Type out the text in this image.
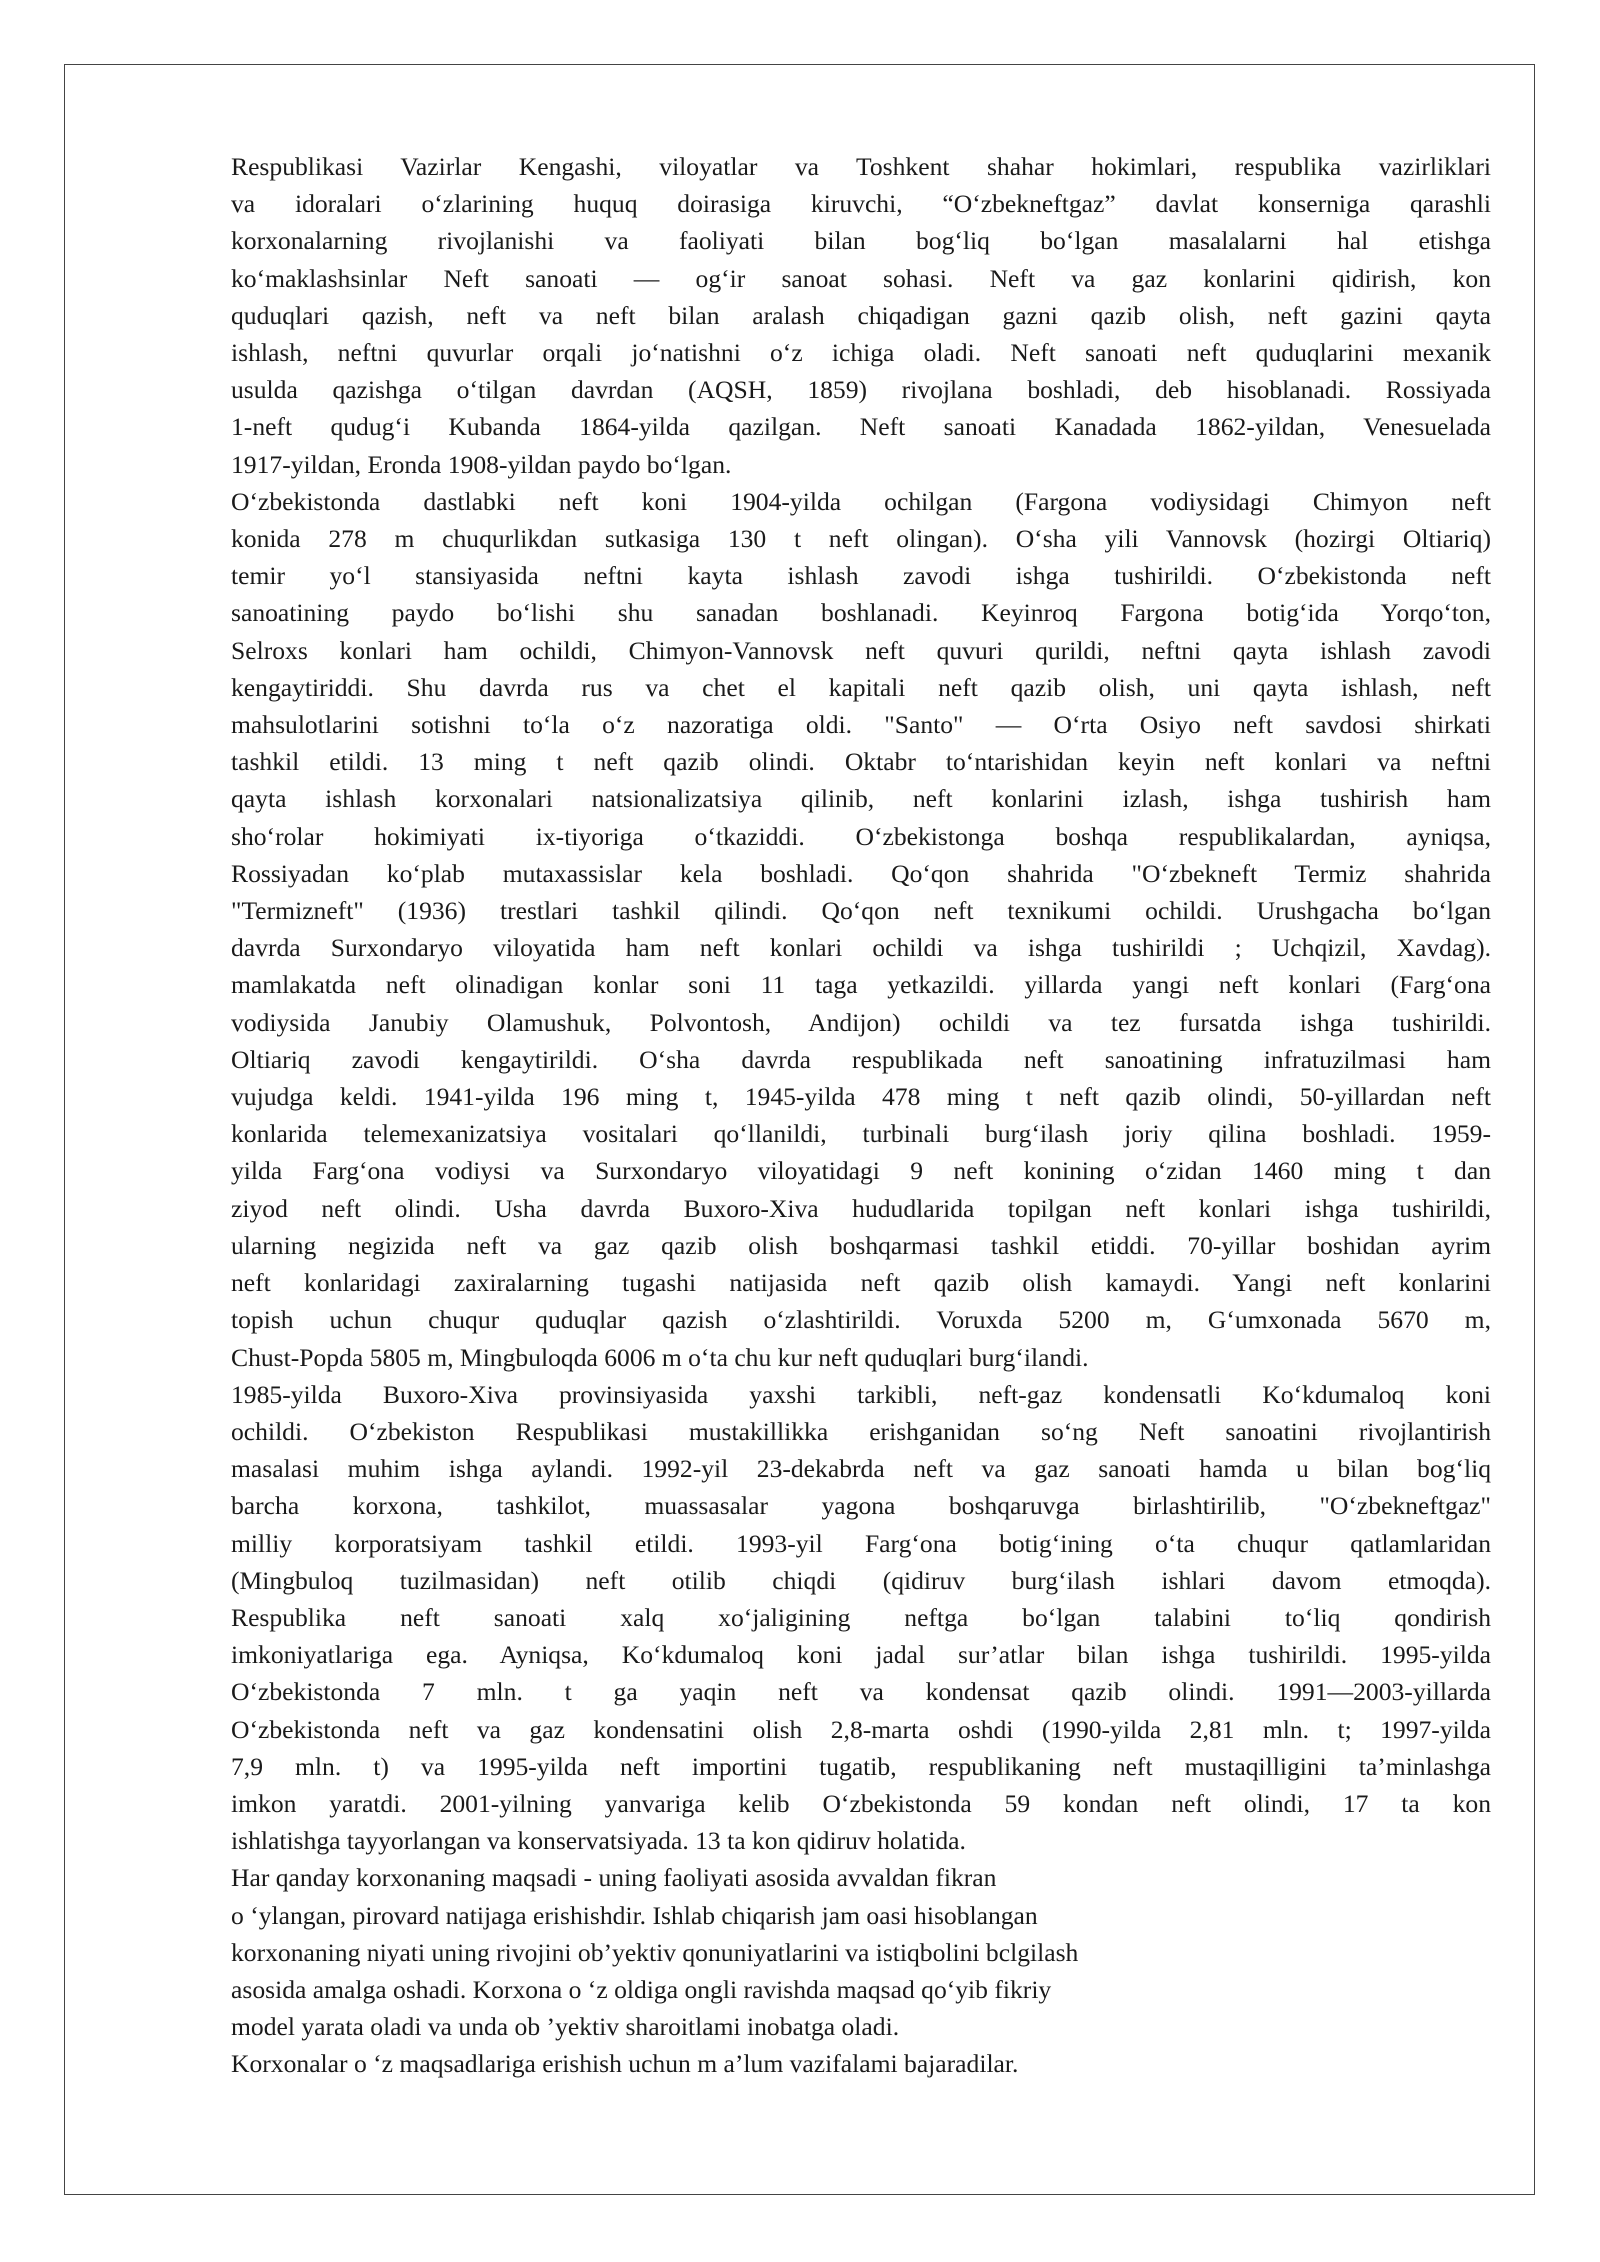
Respublikasi Vazirlar Kengashi, viloyatlar va Toshkent shahar hokimlari, respublika vazirliklari
va idoralari o‘zlarining huquq doirasiga kiruvchi, “O‘zbekneftgaz” davlat konserniga qarashli
korxonalarning rivojlanishi va faoliyati bilan bog‘liq bo‘lgan masalalarni hal etishga
ko‘maklashsinlar Neft sanoati — og‘ir sanoat sohasi. Neft va gaz konlarini qidirish, kon
quduqlari qazish, neft va neft bilan aralash chiqadigan gazni qazib olish, neft gazini qayta
ishlash, neftni quvurlar orqali jo‘natishni o‘z ichiga oladi. Neft sanoati neft quduqlarini mexanik
usulda qazishga o‘tilgan davrdan (AQSH, 1859) rivojlana boshladi, deb hisoblanadi. Rossiyada
1-neft qudug‘i Kubanda 1864-yilda qazilgan. Neft sanoati Kanadada 1862-yildan, Venesuelada
1917-yildan, Eronda 1908-yildan paydo bo‘lgan.

O‘zbekistonda dastlabki neft koni 1904-yilda ochilgan (Fargona vodiysidagi Chimyon neft
konida 278 m chuqurlikdan sutkasiga 130 t neft olingan). O‘sha yili Vannovsk (hozirgi Oltiariq)
temir yo‘l stansiyasida neftni kayta ishlash zavodi ishga tushirildi. O‘zbekistonda neft
sanoatining paydo bo‘lishi shu sanadan boshlanadi. Keyinroq Fargona botig‘ida Yorqo‘ton,
Selroxs konlari ham ochildi, Chimyon-Vannovsk neft quvuri qurildi, neftni qayta ishlash zavodi
kengaytiriddi. Shu davrda rus va chet el kapitali neft qazib olish, uni qayta ishlash, neft
mahsulotlarini sotishni to‘la o‘z nazoratiga oldi. "Santo" — O‘rta Osiyo neft savdosi shirkati
tashkil etildi. 13 ming t neft qazib olindi. Oktabr to‘ntarishidan keyin neft konlari va neftni
qayta ishlash korxonalari natsionalizatsiya qilinib, neft konlarini izlash, ishga tushirish ham
sho‘rolar hokimiyati ix-tiyoriga o‘tkaziddi. O‘zbekistonga boshqa respublikalardan, ayniqsa,
Rossiyadan ko‘plab mutaxassislar kela boshladi. Qo‘qon shahrida "O‘zbekneft Termiz shahrida
"Termizneft" (1936) trestlari tashkil qilindi. Qo‘qon neft texnikumi ochildi. Urushgacha bo‘lgan
davrda Surxondaryo viloyatida ham neft konlari ochildi va ishga tushirildi ; Uchqizil, Xavdag).
mamlakatda neft olinadigan konlar soni 11 taga yetkazildi. yillarda yangi neft konlari (Farg‘ona
vodiysida Janubiy Olamushuk, Polvontosh, Andijon) ochildi va tez fursatda ishga tushirildi.
Oltiariq zavodi kengaytirildi. O‘sha davrda respublikada neft sanoatining infratuzilmasi ham
vujudga keldi. 1941-yilda 196 ming t, 1945-yilda 478 ming t neft qazib olindi, 50-yillardan neft
konlarida telemexanizatsiya vositalari qo‘llanildi, turbinali burg‘ilash joriy qilina boshladi. 1959-
yilda Farg‘ona vodiysi va Surxondaryo viloyatidagi 9 neft konining o‘zidan 1460 ming t dan
ziyod neft olindi. Usha davrda Buxoro-Xiva hududlarida topilgan neft konlari ishga tushirildi,
ularning negizida neft va gaz qazib olish boshqarmasi tashkil etiddi. 70-yillar boshidan ayrim
neft konlaridagi zaxiralarning tugashi natijasida neft qazib olish kamaydi. Yangi neft konlarini
topish uchun chuqur quduqlar qazish o‘zlashtirildi. Voruxda 5200 m, G‘umxonada 5670 m,
Chust-Popda 5805 m, Mingbuloqda 6006 m o‘ta chu kur neft quduqlari burg‘ilandi.

1985-yilda Buxoro-Xiva provinsiyasida yaxshi tarkibli, neft-gaz kondensatli Ko‘kdumaloq koni
ochildi. O‘zbekiston Respublikasi mustakillikka erishganidan so‘ng Neft sanoatini rivojlantirish
masalasi muhim ishga aylandi. 1992-yil 23-dekabrda neft va gaz sanoati hamda u bilan bog‘liq
barcha korxona, tashkilot, muassasalar yagona boshqaruvga birlashtirilib, "O‘zbekneftgaz"
milliy korporatsiyam tashkil etildi. 1993-yil Farg‘ona botig‘ining o‘ta chuqur qatlamlaridan
(Mingbuloq tuzilmasidan) neft otilib chiqdi (qidiruv burg‘ilash ishlari davom etmoqda).
Respublika neft sanoati xalq xo‘jaligining neftga bo‘lgan talabini to‘liq qondirish
imkoniyatlariga ega. Ayniqsa, Ko‘kdumaloq koni jadal sur’atlar bilan ishga tushirildi. 1995-yilda
O‘zbekistonda 7 mln. t ga yaqin neft va kondensat qazib olindi. 1991—2003-yillarda
O‘zbekistonda neft va gaz kondensatini olish 2,8-marta oshdi (1990-yilda 2,81 mln. t; 1997-yilda
7,9 mln. t) va 1995-yilda neft importini tugatib, respublikaning neft mustaqilligini ta’minlashga
imkon yaratdi. 2001-yilning yanvariga kelib O‘zbekistonda 59 kondan neft olindi, 17 ta kon
ishlatishga tayyorlangan va konservatsiyada. 13 ta kon qidiruv holatida.

Har qanday korxonaning maqsadi - uning faoliyati asosida avvaldan fikran
o ‘ylangan, pirovard natijaga erishishdir. Ishlab chiqarish jam oasi hisoblangan
korxonaning niyati uning rivojini ob’yektiv qonuniyatlarini va istiqbolini bclgilash
asosida amalga oshadi. Korxona o ‘z oldiga ongli ravishda maqsad qo‘yib fikriy
model yarata oladi va unda ob ’yektiv sharoitlami inobatga oladi.

Korxonalar o ‘z maqsadlariga erishish uchun m a’lum vazifalami bajaradilar.
